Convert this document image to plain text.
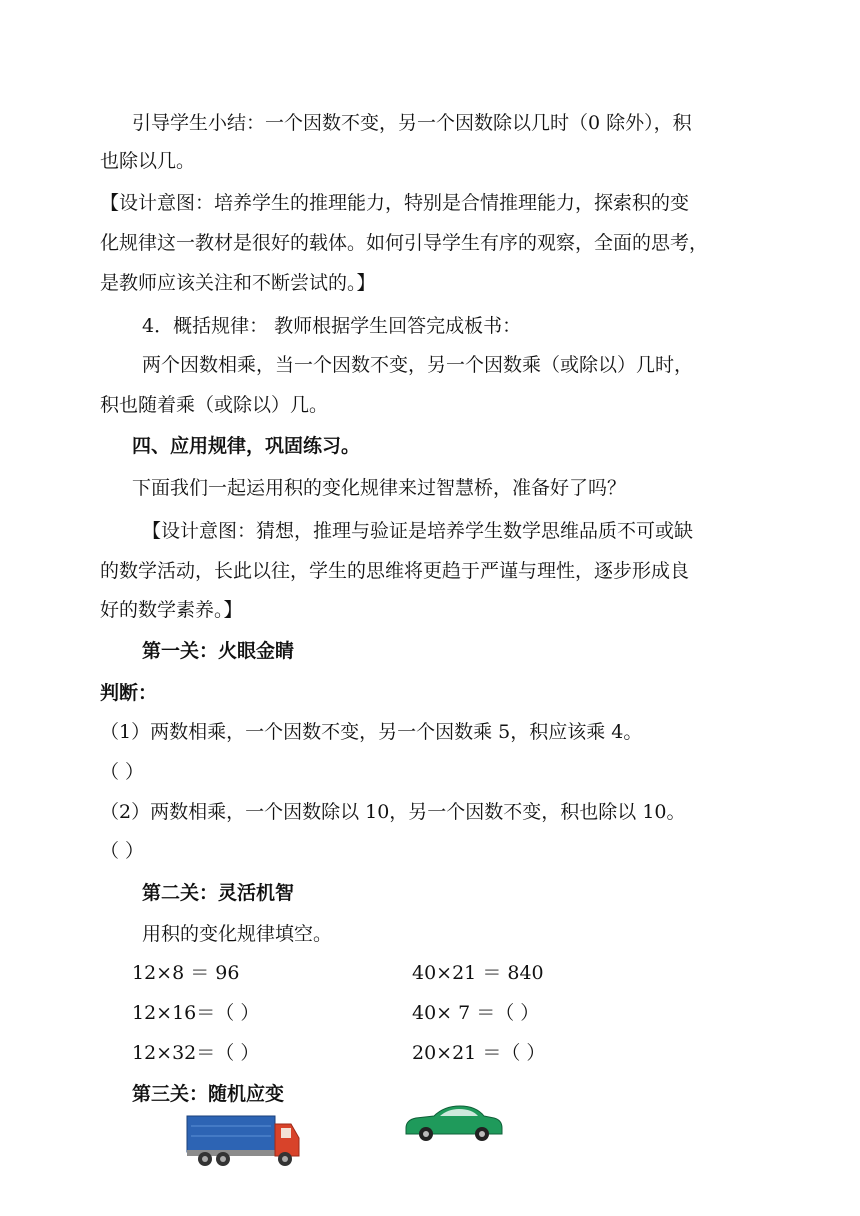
引导学生小结：一个因数不变，另一个因数除以几时（0 除外），积
也除以几。
【设计意图：培养学生的推理能力，特别是合情推理能力，探索积的变
化规律这一教材是很好的载体。如何引导学生有序的观察，全面的思考，
是教师应该关注和不断尝试的。】
4．概括规律： 教师根据学生回答完成板书：
两个因数相乘，当一个因数不变，另一个因数乘（或除以）几时，
积也随着乘（或除以）几。
四、应用规律，巩固练习。
下面我们一起运用积的变化规律来过智慧桥，准备好了吗？
【设计意图：猜想，推理与验证是培养学生数学思维品质不可或缺
的数学活动，长此以往，学生的思维将更趋于严谨与理性，逐步形成良
好的数学素养。】
第一关：火眼金睛
判断：
（1）两数相乘，一个因数不变，另一个因数乘 5，积应该乘 4。
（ ）
（2）两数相乘，一个因数除以 10，另一个因数不变，积也除以 10。
（ ）
第二关：灵活机智
用积的变化规律填空。
12×8 ＝ 96	40×21 ＝ 840
12×16＝（ ）	40× 7 ＝（ ）
12×32＝（ ）	20×21 ＝（ ）
第三关：随机应变
